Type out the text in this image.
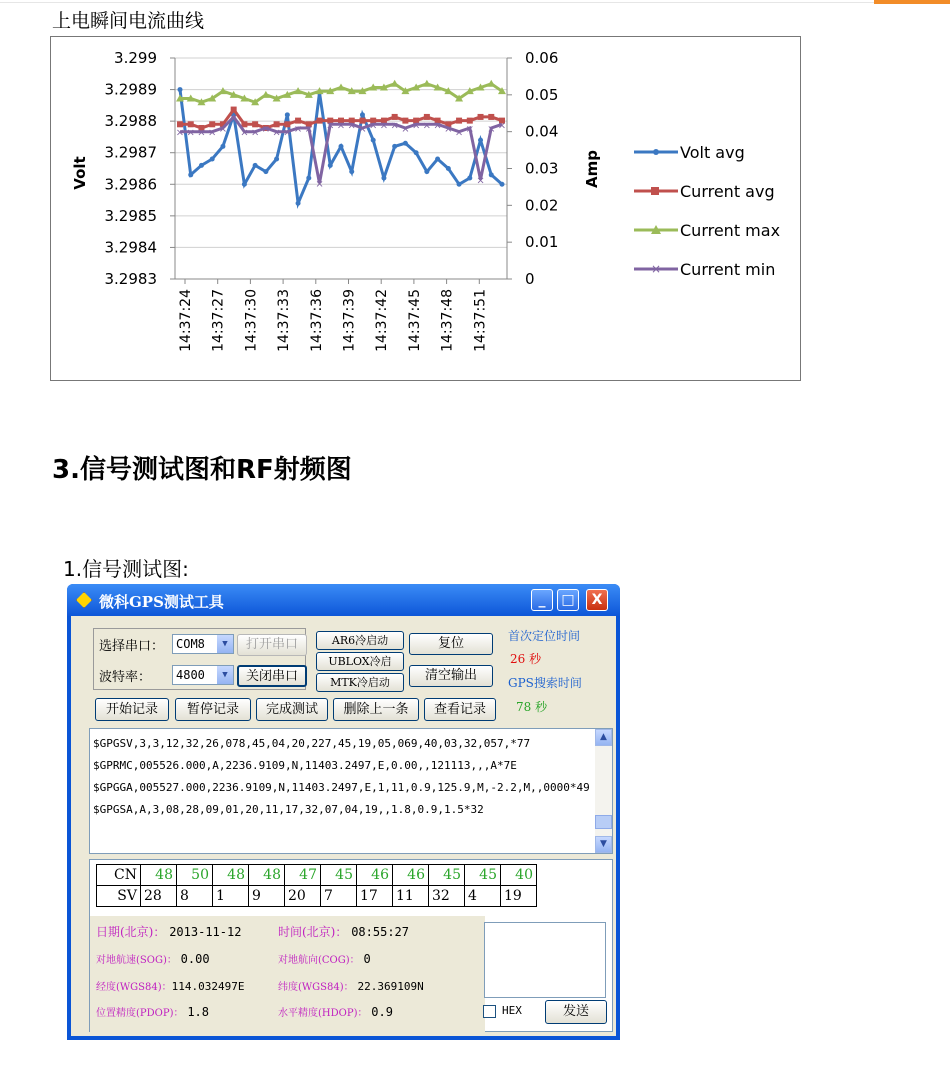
上电瞬间电流曲线
3.299
3.2989
3.2988
3.2987
3.2986
3.2985
3.2984
3.2983
0.06
0.05
0.04
0.03
0.02
0.01
0
14:37:24 14:37:27 14:37:30 14:37:33 14:37:36 14:37:39 14:37:42 14:37:45 14:37:48 14:37:51
Volt	Amp	Volt avg
Current avg
Current max
× × × × ×
×
× × × × × × ×
×
× × × × × × × × × × × × × ×
×
× ×
× Current min
3.信号测试图和RF射频图
1.信号测试图:
微科GPS测试工具	_	□	X
选择串口： COM8	▼	打开串口
波特率：	4800	▼	关闭串口
AR6冷启动
UBLOX冷启
MTK冷启动
复位
清空输出
首次定位时间
26 秒
GPS搜索时间
78 秒
开始记录	暂停记录	完成测试	删除上一条	查看记录
$GPGSV,3,3,12,32,26,078,45,04,20,227,45,19,05,069,40,03,32,057,*77
$GPRMC,005526.000,A,2236.9109,N,11403.2497,E,0.00,,121113,,,A*7E
$GPGGA,005527.000,2236.9109,N,11403.2497,E,1,11,0.9,125.9,M,-2.2,M,,0000*49
$GPGSA,A,3,08,28,09,01,20,11,17,32,07,04,19,,1.8,0.9,1.5*32
▲
▼
CN	48	50	48	48	47	45	46	46	45	45	40
SV	28	8	1	9	20	7	17	11	32	4	19
日期(北京)： 2013-11-12	时间(北京)： 08:55:27
对地航速(SOG)： 0.00	对地航向(COG)： 0
经度(WGS84)：114.032497E	纬度(WGS84)： 22.369109N
位置精度(PDOP)： 1.8	水平精度(HDOP)： 0.9	HEX	发送
